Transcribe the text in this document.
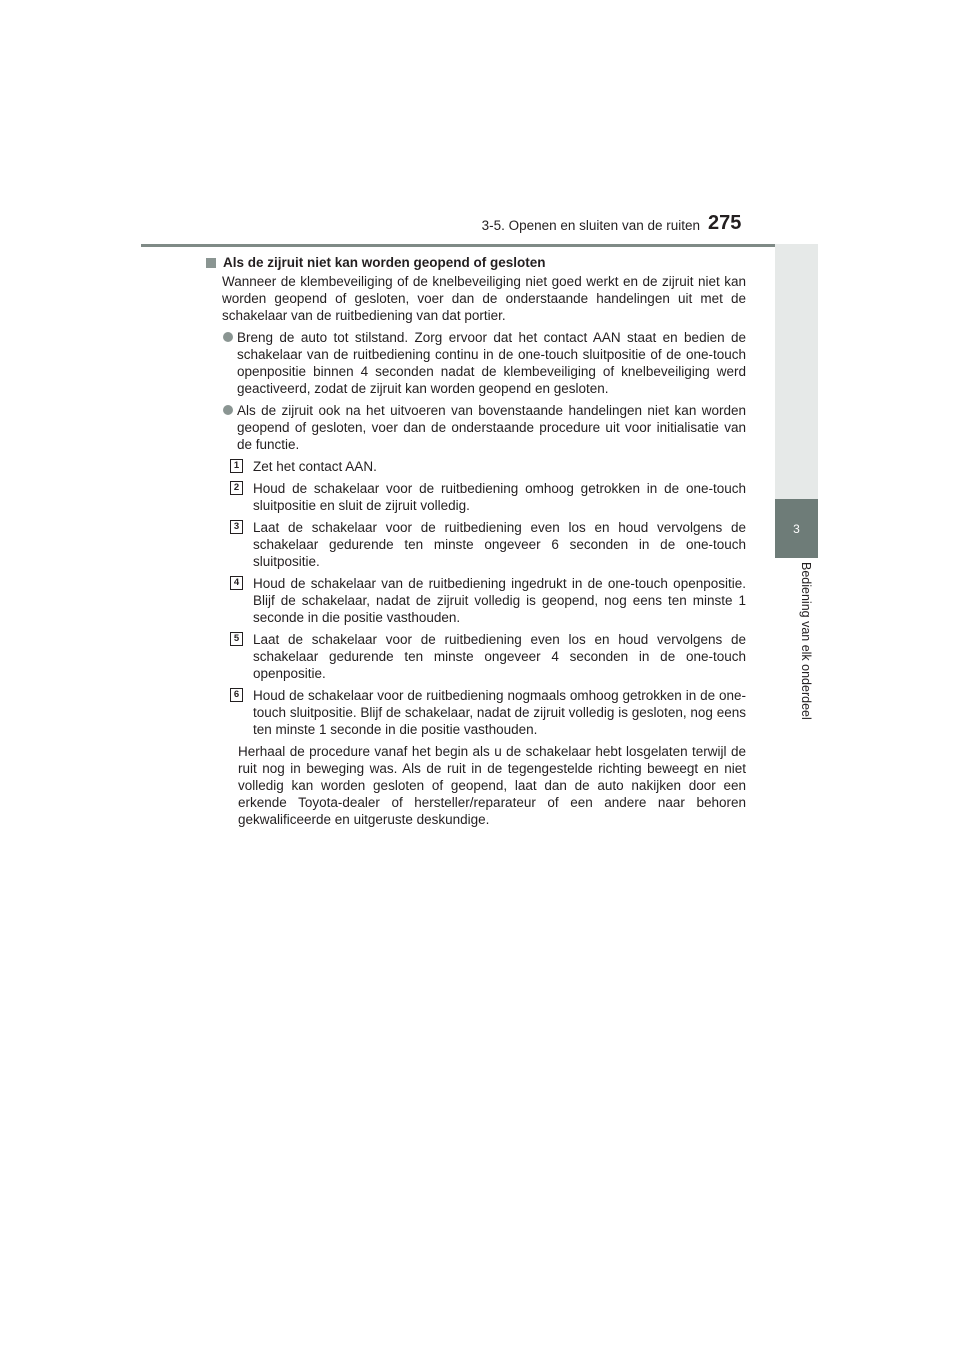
3-5. Openen en sluiten van de ruiten 275
3
Bediening van elk onderdeel
Als de zijruit niet kan worden geopend of gesloten

Wanneer de klembeveiliging of de knelbeveiliging niet goed werkt en de zijruit niet kan worden geopend of gesloten, voer dan de onderstaande handelingen uit met de schakelaar van de ruitbediening van dat portier.

Breng de auto tot stilstand. Zorg ervoor dat het contact AAN staat en bedien de schakelaar van de ruitbediening continu in de one-touch sluitpositie of de one-touch openpositie binnen 4 seconden nadat de klembeveiliging of knelbeveiliging werd geactiveerd, zodat de zijruit kan worden geopend en gesloten.

Als de zijruit ook na het uitvoeren van bovenstaande handelingen niet kan worden geopend of gesloten, voer dan de onderstaande procedure uit voor initialisatie van de functie.

1 Zet het contact AAN.

2 Houd de schakelaar voor de ruitbediening omhoog getrokken in de one-touch sluitpositie en sluit de zijruit volledig.

3 Laat de schakelaar voor de ruitbediening even los en houd vervolgens de schakelaar gedurende ten minste ongeveer 6 seconden in de one-touch sluitpositie.

4 Houd de schakelaar van de ruitbediening ingedrukt in de one-touch openpositie. Blijf de schakelaar, nadat de zijruit volledig is geopend, nog eens ten minste 1 seconde in die positie vasthouden.

5 Laat de schakelaar voor de ruitbediening even los en houd vervolgens de schakelaar gedurende ten minste ongeveer 4 seconden in de one-touch openpositie.

6 Houd de schakelaar voor de ruitbediening nogmaals omhoog getrokken in de one-touch sluitpositie. Blijf de schakelaar, nadat de zijruit volledig is gesloten, nog eens ten minste 1 seconde in die positie vasthouden.

Herhaal de procedure vanaf het begin als u de schakelaar hebt losgelaten terwijl de ruit nog in beweging was. Als de ruit in de tegengestelde richting beweegt en niet volledig kan worden gesloten of geopend, laat dan de auto nakijken door een erkende Toyota-dealer of hersteller/reparateur of een andere naar behoren gekwalificeerde en uitgeruste deskundige.
